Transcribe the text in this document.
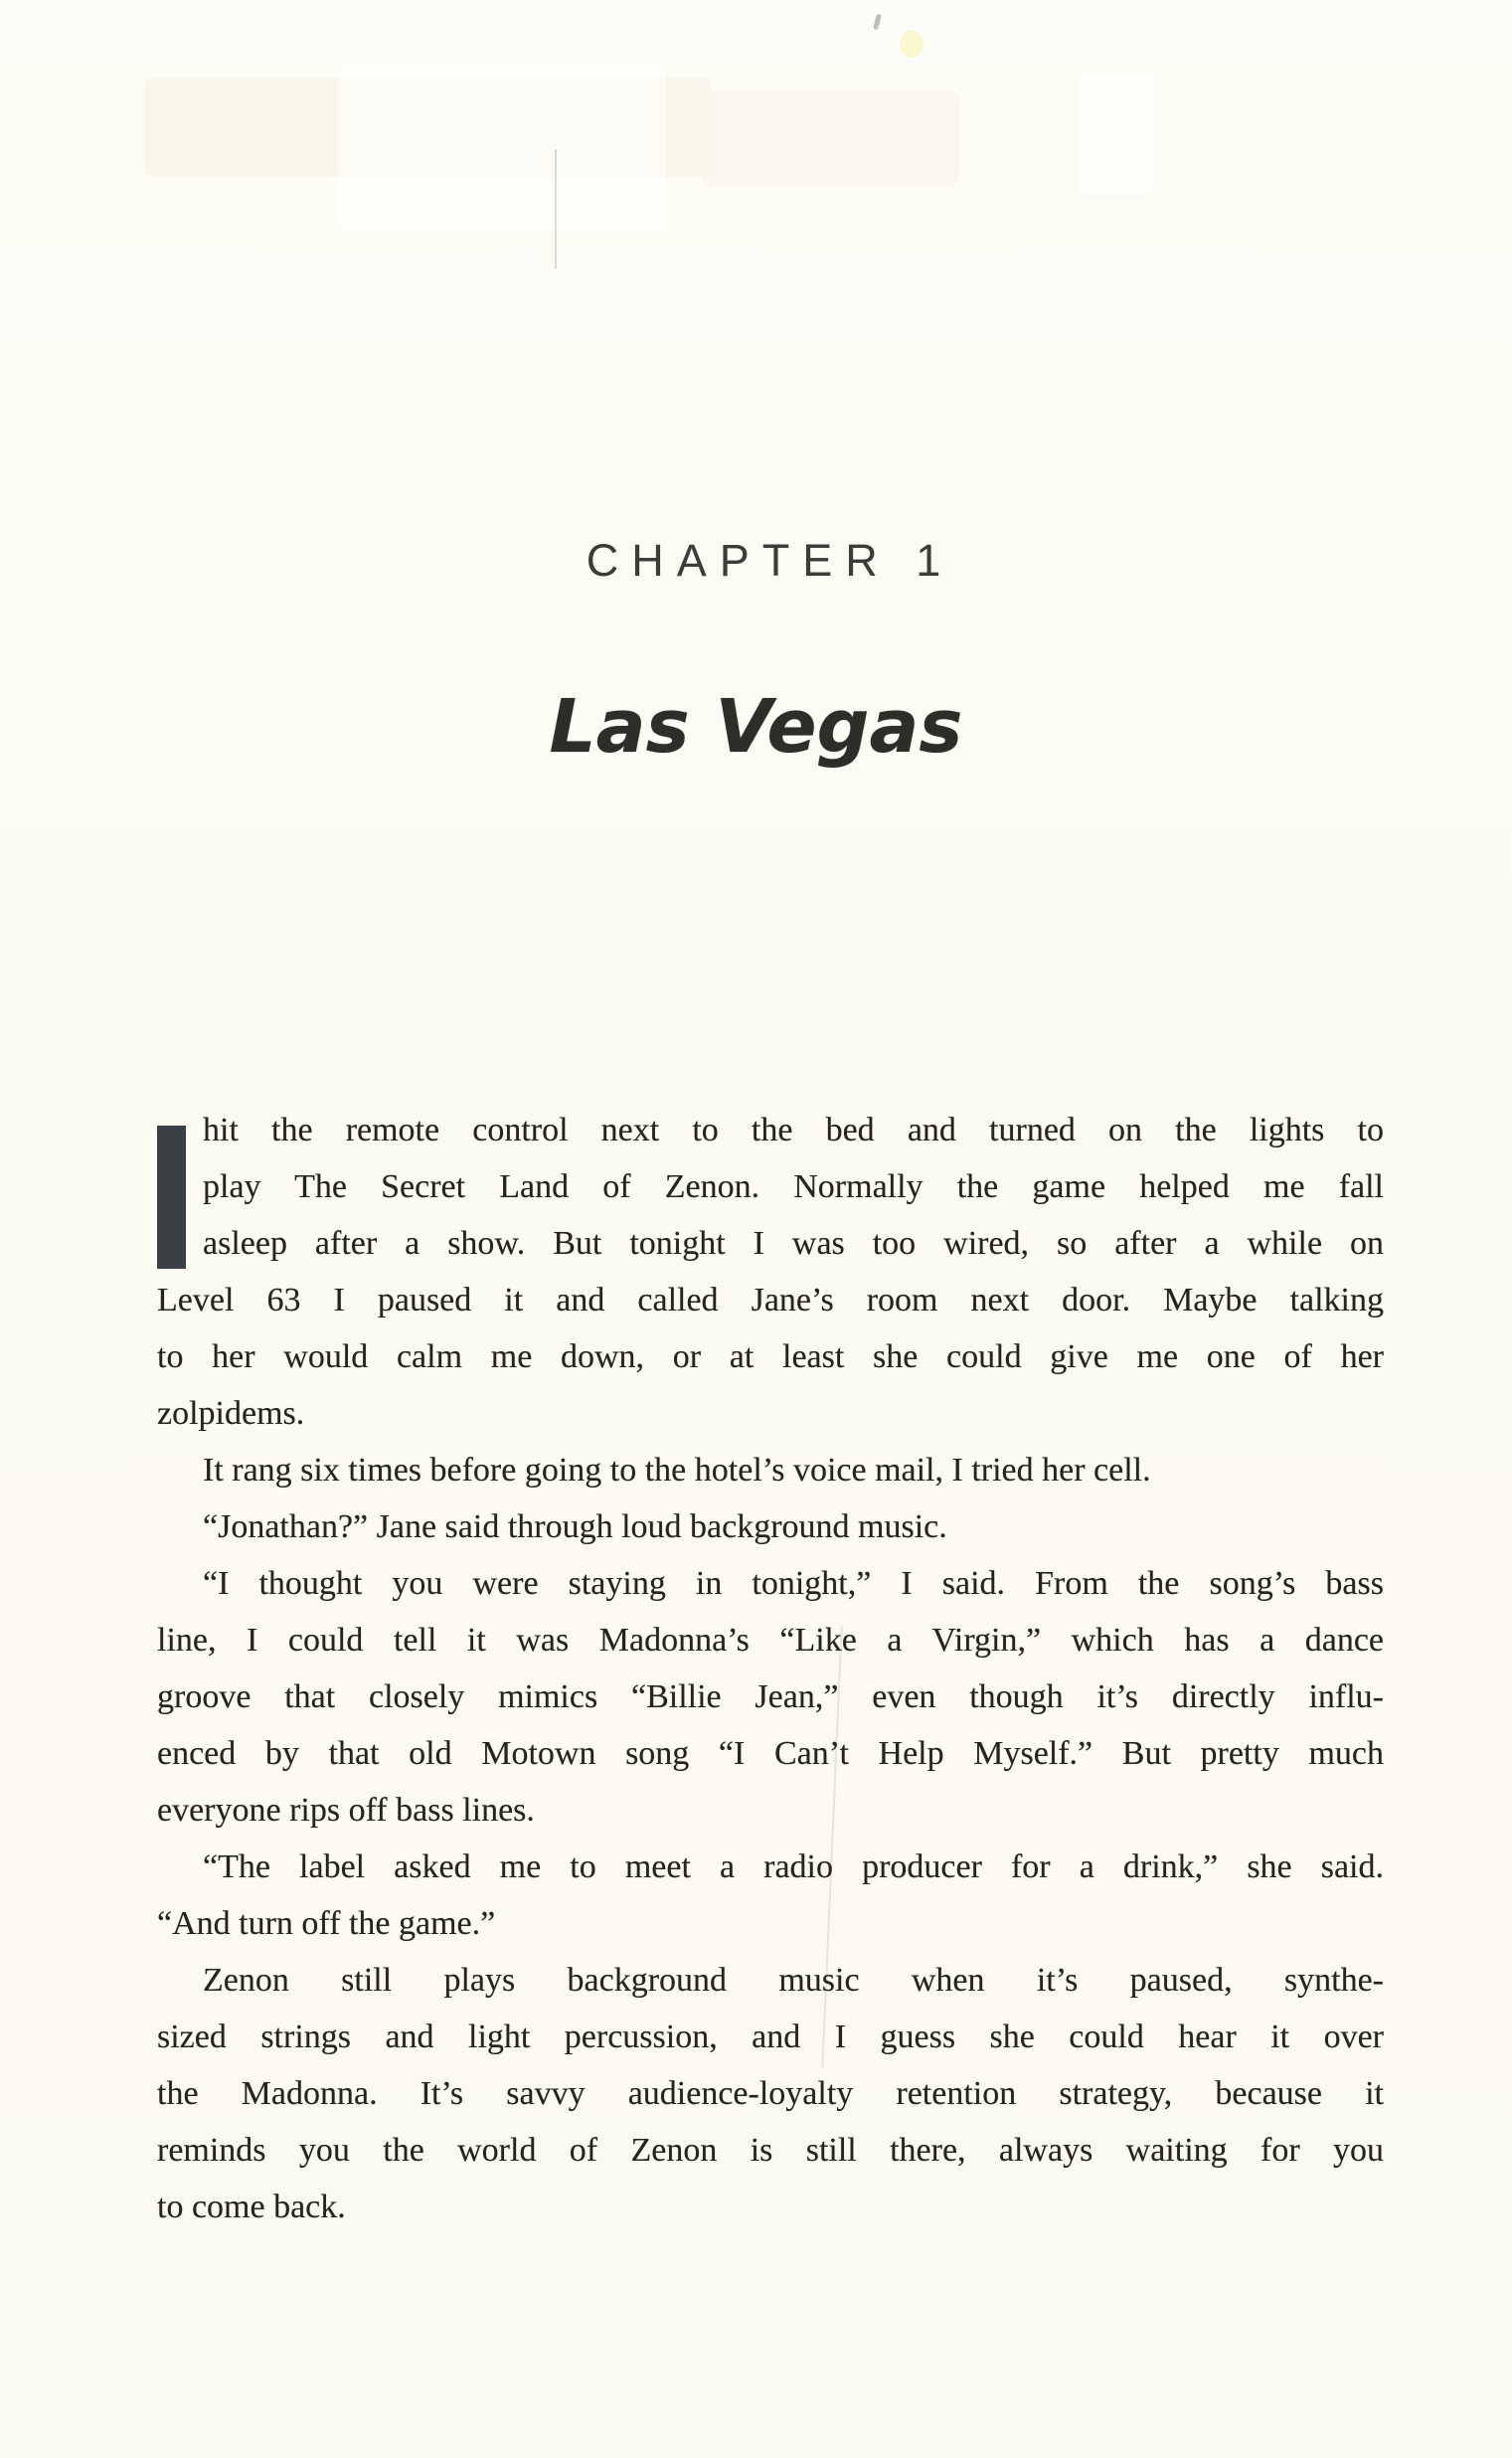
CHAPTER 1
Las Vegas
hit the remote control next to the bed and turned on the lights to
play The Secret Land of Zenon. Normally the game helped me fall
asleep after a show. But tonight I was too wired, so after a while on
Level 63 I paused it and called Jane’s room next door. Maybe talking
to her would calm me down, or at least she could give me one of her
zolpidems.
It rang six times before going to the hotel’s voice mail, I tried her cell.
“Jonathan?” Jane said through loud background music.
“I thought you were staying in tonight,” I said. From the song’s bass
line, I could tell it was Madonna’s “Like a Virgin,” which has a dance
groove that closely mimics “Billie Jean,” even though it’s directly influ-
enced by that old Motown song “I Can’t Help Myself.” But pretty much
everyone rips off bass lines.
“The label asked me to meet a radio producer for a drink,” she said.
“And turn off the game.”
Zenon still plays background music when it’s paused, synthe-
sized strings and light percussion, and I guess she could hear it over
the Madonna. It’s savvy audience-loyalty retention strategy, because it
reminds you the world of Zenon is still there, always waiting for you
to come back.
